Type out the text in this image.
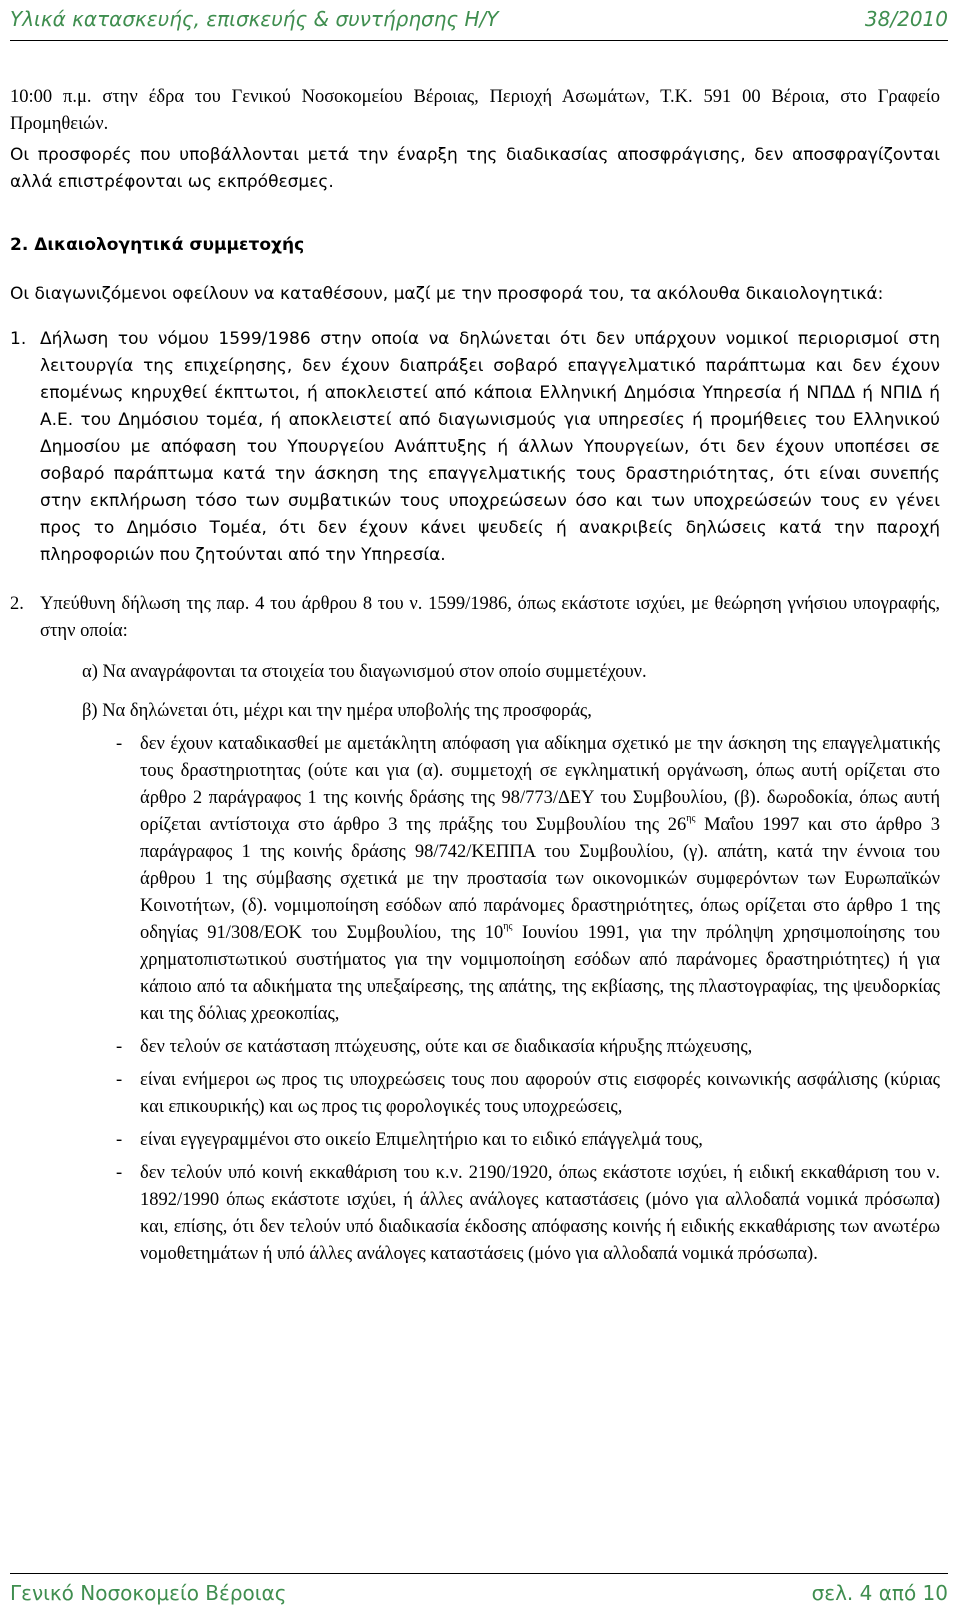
Υλικά κατασκευής, επισκευής & συντήρησης Η/Υ	38/2010

10:00 π.μ. στην έδρα του Γενικού Νοσοκομείου Βέροιας, Περιοχή Ασωμάτων, Τ.Κ. 591 00 Βέροια, στο Γραφείο Προμηθειών.

Οι προσφορές που υποβάλλονται μετά την έναρξη της διαδικασίας αποσφράγισης, δεν αποσφραγίζονται αλλά επιστρέφονται ως εκπρόθεσμες.

2. Δικαιολογητικά συμμετοχής

Οι διαγωνιζόμενοι οφείλουν να καταθέσουν, μαζί με την προσφορά του, τα ακόλουθα δικαιολογητικά:

1. Δήλωση του νόμου 1599/1986 στην οποία να δηλώνεται ότι δεν υπάρχουν νομικοί περιορισμοί στη λειτουργία της επιχείρησης, δεν έχουν διαπράξει σοβαρό επαγγελματικό παράπτωμα και δεν έχουν επομένως κηρυχθεί έκπτωτοι, ή αποκλειστεί από κάποια Ελληνική Δημόσια Υπηρεσία ή ΝΠΔΔ ή ΝΠΙΔ ή Α.Ε. του Δημόσιου τομέα, ή αποκλειστεί από διαγωνισμούς για υπηρεσίες ή προμήθειες του Ελληνικού Δημοσίου με απόφαση του Υπουργείου Ανάπτυξης ή άλλων Υπουργείων, ότι δεν έχουν υποπέσει σε σοβαρό παράπτωμα κατά την άσκηση της επαγγελματικής τους δραστηριότητας, ότι είναι συνεπής στην εκπλήρωση τόσο των συμβατικών τους υποχρεώσεων όσο και των υποχρεώσεών τους εν γένει προς το Δημόσιο Τομέα, ότι δεν έχουν κάνει ψευδείς ή ανακριβείς δηλώσεις κατά την παροχή πληροφοριών που ζητούνται από την Υπηρεσία.
2. Υπεύθυνη δήλωση της παρ. 4 του άρθρου 8 του ν. 1599/1986, όπως εκάστοτε ισχύει, με θεώρηση γνήσιου υπογραφής, στην οποία:

α) Να αναγράφονται τα στοιχεία του διαγωνισμού στον οποίο συμμετέχουν.

β) Να δηλώνεται ότι, μέχρι και την ημέρα υποβολής της προσφοράς,

- δεν έχουν καταδικασθεί με αμετάκλητη απόφαση για αδίκημα σχετικό με την άσκηση της επαγγελματικής τους δραστηριοτητας (ούτε και για (α). συμμετοχή σε εγκληματική οργάνωση, όπως αυτή ορίζεται στο άρθρο 2 παράγραφος 1 της κοινής δράσης της 98/773/ΔΕΥ του Συμβουλίου, (β). δωροδοκία, όπως αυτή ορίζεται αντίστοιχα στο άρθρο 3 της πράξης του Συμβουλίου της $26^{\eta\varsigma}$ Μαΐου 1997 και στο άρθρο 3 παράγραφος 1 της κοινής δράσης 98/742/ΚΕΠΠΑ του Συμβουλίου, (γ). απάτη, κατά την έννοια του άρθρου 1 της σύμβασης σχετικά με την προστασία των οικονομικών συμφερόντων των Ευρωπαϊκών Κοινοτήτων, (δ). νομιμοποίηση εσόδων από παράνομες δραστηριότητες, όπως ορίζεται στο άρθρο 1 της οδηγίας 91/308/ΕΟΚ του Συμβουλίου, της $10^{\eta\varsigma}$ Ιουνίου 1991, για την πρόληψη χρησιμοποίησης του χρηματοπιστωτικού συστήματος για την νομιμοποίηση εσόδων από παράνομες δραστηριότητες) ή για κάποιο από τα αδικήματα της υπεξαίρεσης, της απάτης, της εκβίασης, της πλαστογραφίας, της ψευδορκίας και της δόλιας χρεοκοπίας,
- δεν τελούν σε κατάσταση πτώχευσης, ούτε και σε διαδικασία κήρυξης πτώχευσης,
- είναι ενήμεροι ως προς τις υποχρεώσεις τους που αφορούν στις εισφορές κοινωνικής ασφάλισης (κύριας και επικουρικής) και ως προς τις φορολογικές τους υποχρεώσεις,
- είναι εγγεγραμμένοι στο οικείο Επιμελητήριο και το ειδικό επάγγελμά τους,
- δεν τελούν υπό κοινή εκκαθάριση του κ.ν. 2190/1920, όπως εκάστοτε ισχύει, ή ειδική εκκαθάριση του ν. 1892/1990 όπως εκάστοτε ισχύει, ή άλλες ανάλογες καταστάσεις (μόνο για αλλοδαπά νομικά πρόσωπα) και, επίσης, ότι δεν τελούν υπό διαδικασία έκδοσης απόφασης κοινής ή ειδικής εκκαθάρισης των ανωτέρω νομοθετημάτων ή υπό άλλες ανάλογες καταστάσεις (μόνο για αλλοδαπά νομικά πρόσωπα).
Γενικό Νοσοκομείο Βέροιας	σελ. 4 από 10
